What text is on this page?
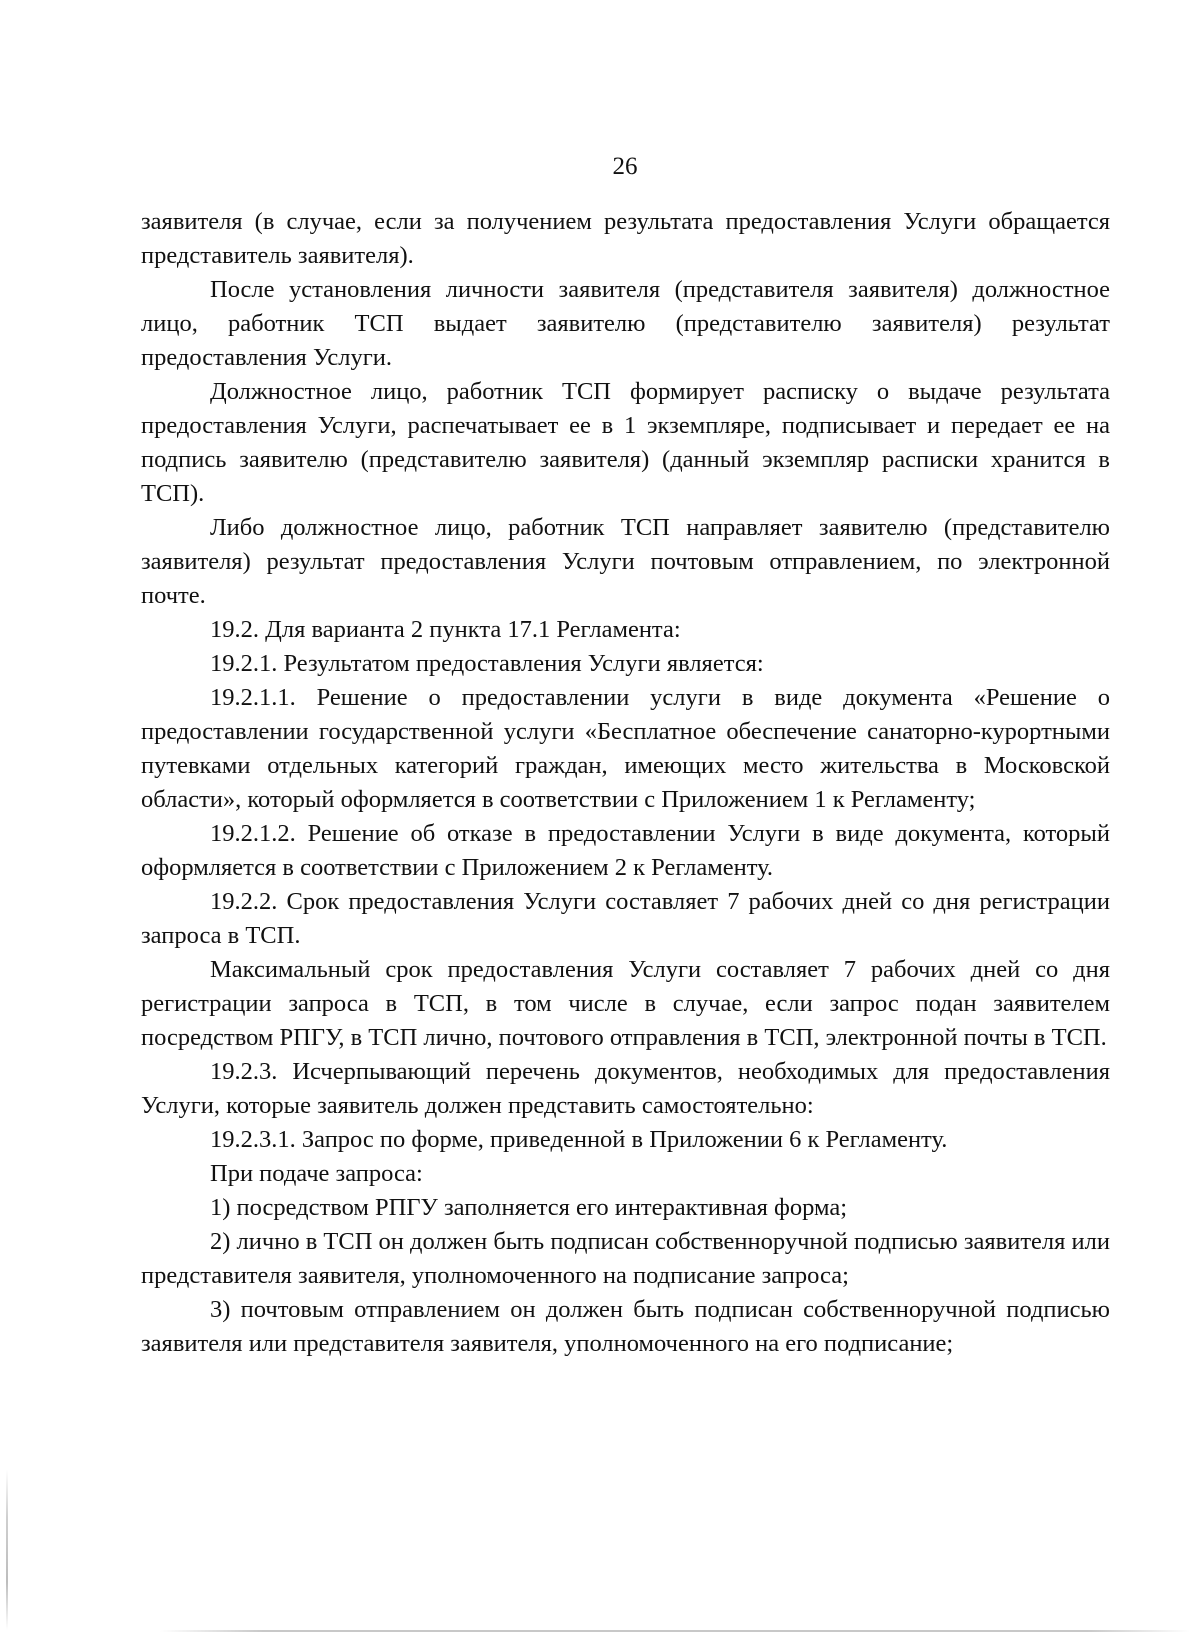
26

заявителя (в случае, если за получением результата предоставления Услуги обращается представитель заявителя).

После установления личности заявителя (представителя заявителя) должностное лицо, работник ТСП выдает заявителю (представителю заявителя) результат предоставления Услуги.

Должностное лицо, работник ТСП формирует расписку о выдаче результата предоставления Услуги, распечатывает ее в 1 экземпляре, подписывает и передает ее на подпись заявителю (представителю заявителя) (данный экземпляр расписки хранится в ТСП).

Либо должностное лицо, работник ТСП направляет заявителю (представителю заявителя) результат предоставления Услуги почтовым отправлением, по электронной почте.

19.2. Для варианта 2 пункта 17.1 Регламента:

19.2.1. Результатом предоставления Услуги является:

19.2.1.1. Решение о предоставлении услуги в виде документа «Решение о предоставлении государственной услуги «Бесплатное обеспечение санаторно-курортными путевками отдельных категорий граждан, имеющих место жительства в Московской области», который оформляется в соответствии с Приложением 1 к Регламенту;

19.2.1.2. Решение об отказе в предоставлении Услуги в виде документа, который оформляется в соответствии с Приложением 2 к Регламенту.

19.2.2. Срок предоставления Услуги составляет 7 рабочих дней со дня регистрации запроса в ТСП.

Максимальный срок предоставления Услуги составляет 7 рабочих дней со дня регистрации запроса в ТСП, в том числе в случае, если запрос подан заявителем посредством РПГУ, в ТСП лично, почтового отправления в ТСП, электронной почты в ТСП.

19.2.3. Исчерпывающий перечень документов, необходимых для предоставления Услуги, которые заявитель должен представить самостоятельно:

19.2.3.1. Запрос по форме, приведенной в Приложении 6 к Регламенту.

При подаче запроса:

1) посредством РПГУ заполняется его интерактивная форма;

2) лично в ТСП он должен быть подписан собственноручной подписью заявителя или представителя заявителя, уполномоченного на подписание запроса;

3) почтовым отправлением он должен быть подписан собственноручной подписью заявителя или представителя заявителя, уполномоченного на его подписание;
